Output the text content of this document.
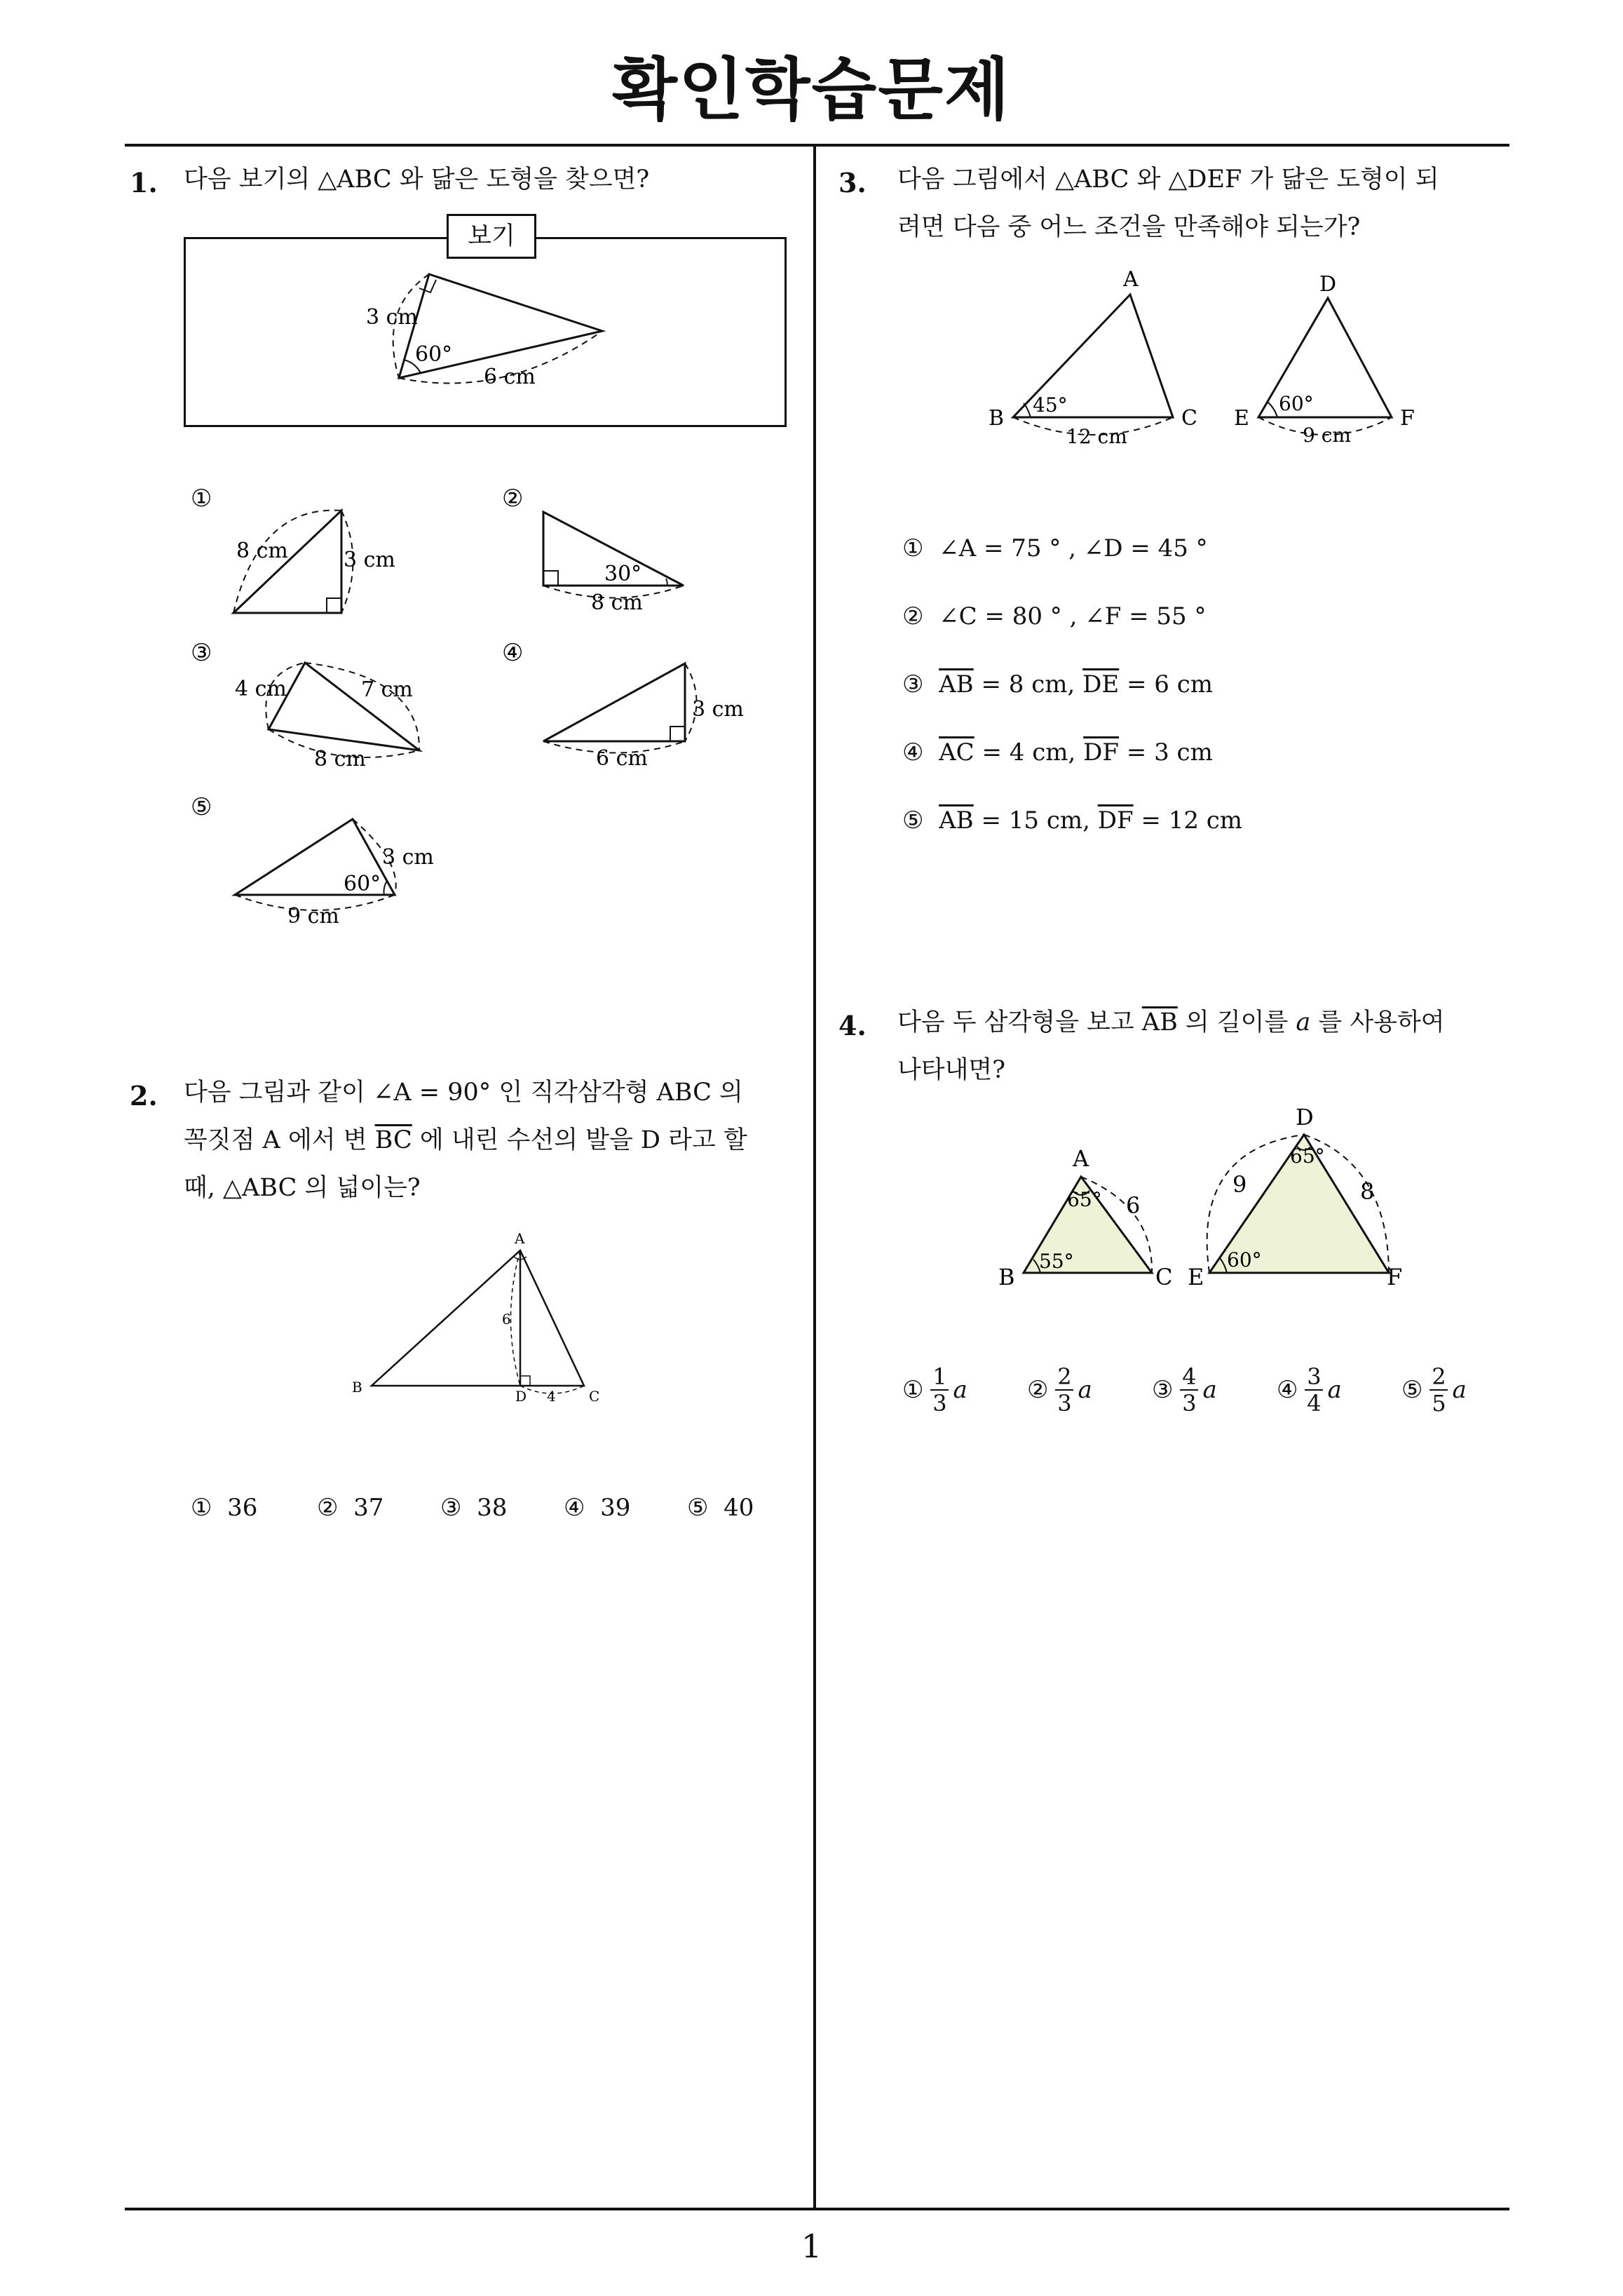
확인학습문제
1
1. 다음 보기의 △ABC 와 닮은 도형을 찾으면?
보기
3 cm
60°
6 cm
①	②
③	④
⑤
8 cm	3 cm
30°
8 cm
4 cm	7 cm
8 cm
3 cm
6 cm
3 cm
60°
9 cm
2. 다음 그림과 같이 ∠A = 90° 인 직각삼각형 ABC 의
꼭짓점 A 에서 변 $\overline{BC}$ 에 내린 수선의 발을 D 라고 할
때, △ABC 의 넓이는?
A
B
C
D
6
4
① 36 ② 37 ③ 38 ④ 39 ⑤ 40
3. 다음 그림에서 △ABC 와 △DEF 가 닮은 도형이 되
려면 다음 중 어느 조건을 만족해야 되는가?
A
B	C
45°
12 cm
D
E	F
60°
9 cm
① ∠A = 75 ° , ∠D = 45 °
② ∠C = 80 ° , ∠F = 55 °
③ $\overline{AB} = 8$ cm, $\overline{DE} = 6$ cm
④ $\overline{AC} = 4$ cm, $\overline{DF} = 3$ cm
⑤ $\overline{AB} = 15$ cm, $\overline{DF} = 12$ cm
4. 다음 두 삼각형을 보고 $\overline{AB}$ 의 길이를 a 를 사용하여
나타내면?
A
B	C
65°
55°
6
D
E	F
65°
60°
9	8
① $\frac{1}{3}$ a	② $\frac{2}{3}$ a	③ $\frac{4}{3}$ a	④ $\frac{3}{4}$ a	⑤ $\frac{2}{5}$ a
